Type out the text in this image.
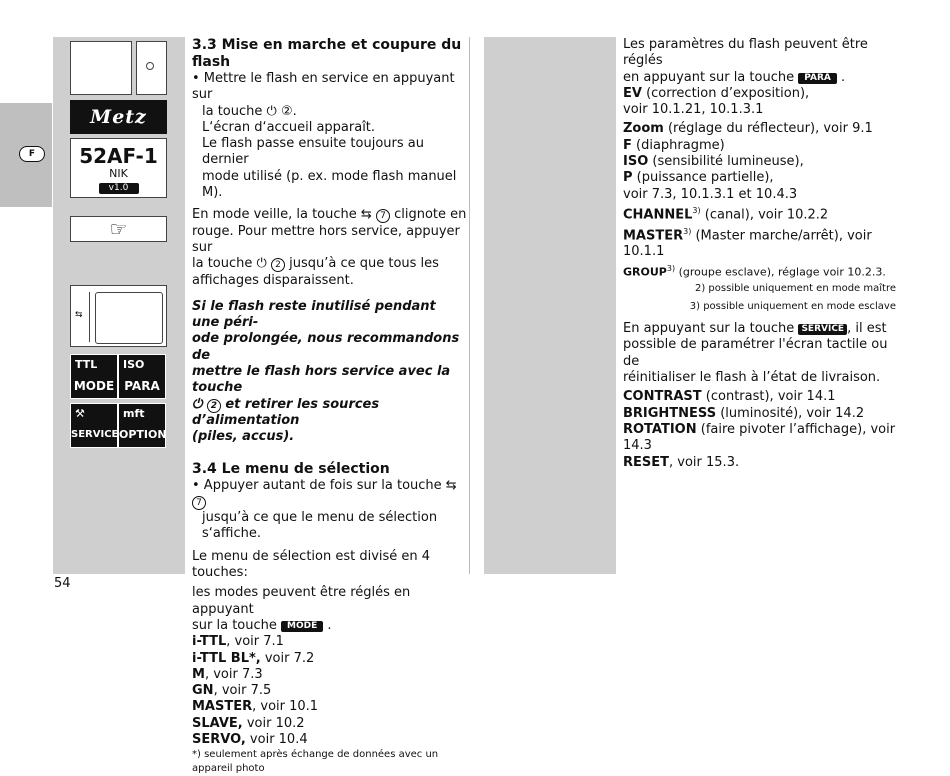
F
Metz
52AF-1
NIK
v1.0
☞
⇆
TTL
MODE
ISO
PARA
⚒
SERVICE
mft
OPTION

3.3 Mise en marche et coupure du flash

• Mettre le flash en service en appuyant sur

la touche ⏻ ②.

L‘écran d‘accueil apparaît.

Le flash passe ensuite toujours au dernier

mode utilisé (p. ex. mode flash manuel M).

En mode veille, la touche ⇆ 7 clignote en

rouge. Pour mettre hors service, appuyer sur

la touche ⏻ 2 jusqu’à ce que tous les

affichages disparaissent.

Si le flash reste inutilisé pendant une péri-

ode prolongée, nous recommandons de

mettre le flash hors service avec la touche

⏻ 2 et retirer les sources d’alimentation

(piles, accus).

3.4 Le menu de sélection

• Appuyer autant de fois sur la touche ⇆ 7

jusqu’à ce que le menu de sélection

s‘affiche.

Le menu de sélection est divisé en 4 touches:

les modes peuvent être réglés en appuyant

sur la touche MODE .

i-TTL, voir 7.1

i-TTL BL*, voir 7.2

M, voir 7.3

GN, voir 7.5

MASTER, voir 10.1

SLAVE, voir 10.2

SERVO, voir 10.4

*) seulement après échange de données avec un appareil photo

Les paramètres du flash peuvent être réglés

en appuyant sur la touche PARA .

EV (correction d’exposition),

voir 10.1.21, 10.1.3.1

Zoom (réglage du réflecteur), voir 9.1

F (diaphragme)

ISO (sensibilité lumineuse),

P (puissance partielle),

voir 7.3, 10.1.3.1 et 10.4.3

CHANNEL$^{3)}$ (canal), voir 10.2.2

MASTER$^{3)}$ (Master marche/arrêt), voir 10.1.1

GROUP$^{3)}$ (groupe esclave), réglage voir 10.2.3.

2) possible uniquement en mode maître

3) possible uniquement en mode esclave

En appuyant sur la touche SERVICE , il est

possible de paramétrer l'écran tactile ou de

réinitialiser le flash à l’état de livraison.

CONTRAST (contrast), voir 14.1

BRIGHTNESS (luminosité), voir 14.2

ROTATION (faire pivoter l’affichage), voir 14.3

RESET, voir 15.3.

54
